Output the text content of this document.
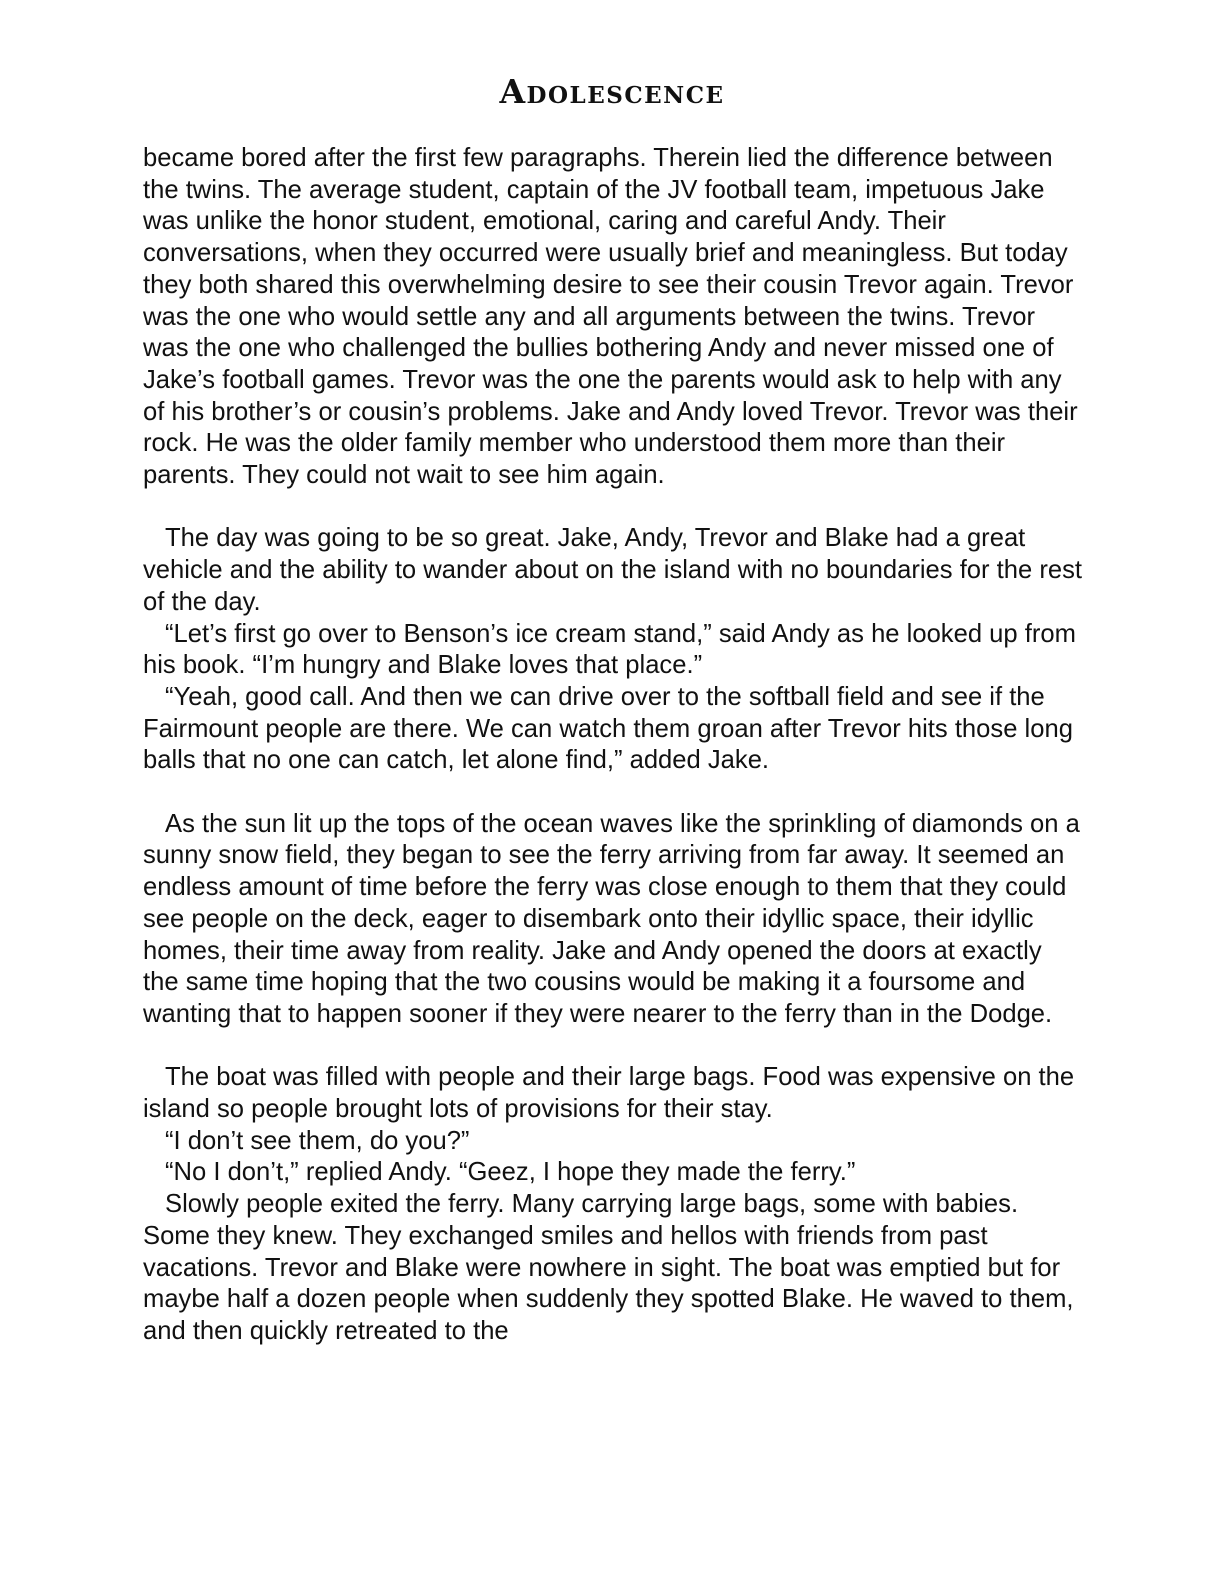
Adolescence

became bored after the first few paragraphs. Therein lied the difference between the twins. The average student, captain of the JV football team, impetuous Jake was unlike the honor student, emotional, caring and careful Andy. Their conversations, when they occurred were usually brief and meaningless. But today they both shared this overwhelming desire to see their cousin Trevor again. Trevor was the one who would settle any and all arguments between the twins. Trevor was the one who challenged the bullies bothering Andy and never missed one of Jake’s football games. Trevor was the one the parents would ask to help with any of his brother’s or cousin’s problems. Jake and Andy loved Trevor. Trevor was their rock. He was the older family member who understood them more than their parents. They could not wait to see him again.

The day was going to be so great. Jake, Andy, Trevor and Blake had a great vehicle and the ability to wander about on the island with no boundaries for the rest of the day.

“Let’s first go over to Benson’s ice cream stand,” said Andy as he looked up from his book. “I’m hungry and Blake loves that place.”

“Yeah, good call. And then we can drive over to the softball field and see if the Fairmount people are there. We can watch them groan after Trevor hits those long balls that no one can catch, let alone find,” added Jake.

As the sun lit up the tops of the ocean waves like the sprinkling of diamonds on a sunny snow field, they began to see the ferry arriving from far away. It seemed an endless amount of time before the ferry was close enough to them that they could see people on the deck, eager to disembark onto their idyllic space, their idyllic homes, their time away from reality. Jake and Andy opened the doors at exactly the same time hoping that the two cousins would be making it a foursome and wanting that to happen sooner if they were nearer to the ferry than in the Dodge.

The boat was filled with people and their large bags. Food was expensive on the island so people brought lots of provisions for their stay.

“I don’t see them, do you?”

“No I don’t,” replied Andy. “Geez, I hope they made the ferry.”

Slowly people exited the ferry. Many carrying large bags, some with babies. Some they knew. They exchanged smiles and hellos with friends from past vacations. Trevor and Blake were nowhere in sight. The boat was emptied but for maybe half a dozen people when suddenly they spotted Blake. He waved to them, and then quickly retreated to the
